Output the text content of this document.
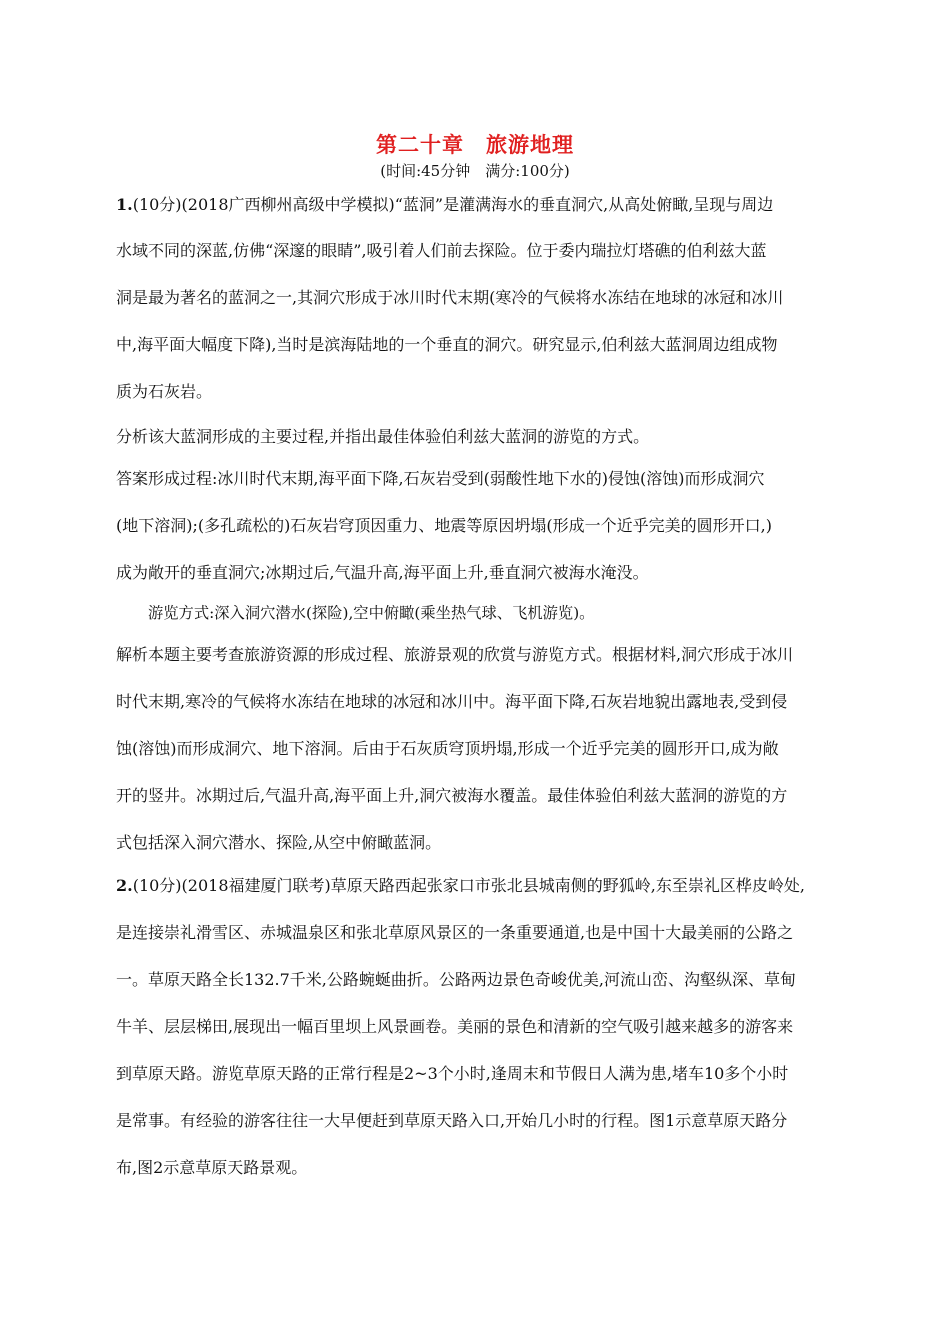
第二十章　旅游地理
(时间:45分钟　满分:100分)
1.(10分)(2018广西柳州高级中学模拟)“蓝洞”是灌满海水的垂直洞穴,从高处俯瞰,呈现与周边
水域不同的深蓝,仿佛“深邃的眼睛”,吸引着人们前去探险。位于委内瑞拉灯塔礁的伯利兹大蓝
洞是最为著名的蓝洞之一,其洞穴形成于冰川时代末期(寒冷的气候将水冻结在地球的冰冠和冰川
中,海平面大幅度下降),当时是滨海陆地的一个垂直的洞穴。研究显示,伯利兹大蓝洞周边组成物
质为石灰岩。
分析该大蓝洞形成的主要过程,并指出最佳体验伯利兹大蓝洞的游览的方式。
答案形成过程:冰川时代末期,海平面下降,石灰岩受到(弱酸性地下水的)侵蚀(溶蚀)而形成洞穴
(地下溶洞);(多孔疏松的)石灰岩穹顶因重力、地震等原因坍塌(形成一个近乎完美的圆形开口,)
成为敞开的垂直洞穴;冰期过后,气温升高,海平面上升,垂直洞穴被海水淹没。
游览方式:深入洞穴潜水(探险),空中俯瞰(乘坐热气球、飞机游览)。
解析本题主要考查旅游资源的形成过程、旅游景观的欣赏与游览方式。根据材料,洞穴形成于冰川
时代末期,寒冷的气候将水冻结在地球的冰冠和冰川中。海平面下降,石灰岩地貌出露地表,受到侵
蚀(溶蚀)而形成洞穴、地下溶洞。后由于石灰质穹顶坍塌,形成一个近乎完美的圆形开口,成为敞
开的竖井。冰期过后,气温升高,海平面上升,洞穴被海水覆盖。最佳体验伯利兹大蓝洞的游览的方
式包括深入洞穴潜水、探险,从空中俯瞰蓝洞。
2.(10分)(2018福建厦门联考)草原天路西起张家口市张北县城南侧的野狐岭,东至崇礼区桦皮岭处,
是连接崇礼滑雪区、赤城温泉区和张北草原风景区的一条重要通道,也是中国十大最美丽的公路之
一。草原天路全长132.7千米,公路蜿蜒曲折。公路两边景色奇峻优美,河流山峦、沟壑纵深、草甸
牛羊、层层梯田,展现出一幅百里坝上风景画卷。美丽的景色和清新的空气吸引越来越多的游客来
到草原天路。游览草原天路的正常行程是2~3个小时,逢周末和节假日人满为患,堵车10多个小时
是常事。有经验的游客往往一大早便赶到草原天路入口,开始几小时的行程。图1示意草原天路分
布,图2示意草原天路景观。
